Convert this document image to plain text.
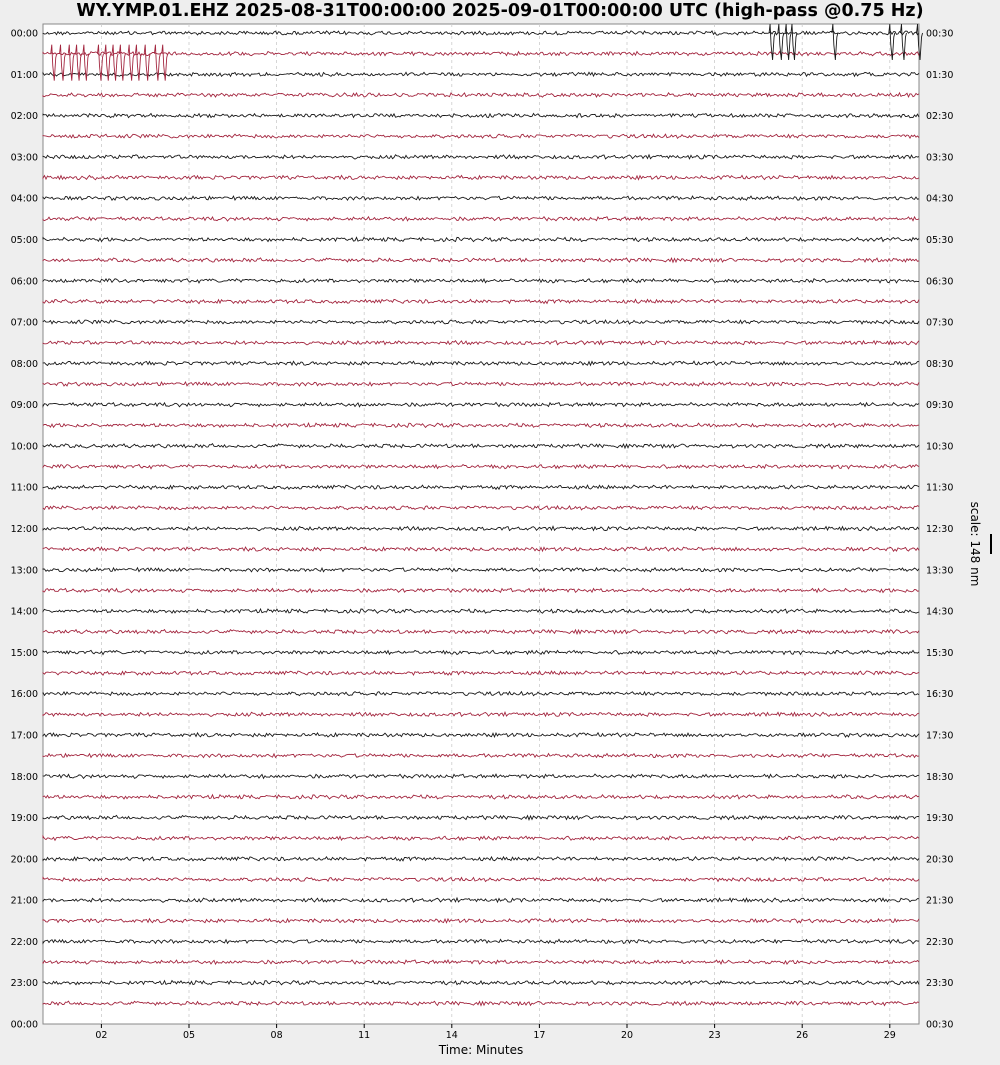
WY.YMP.01.EHZ 2025-08-31T00:00:00 2025-09-01T00:00:00 UTC (high-pass @0.75 Hz)
00:00
01:00
02:00
03:00
04:00
05:00
06:00
07:00
08:00
09:00
10:00
11:00
12:00
13:00
14:00
15:00
16:00
17:00
18:00
19:00
20:00
21:00
22:00
23:00
00:00
00:30
01:30
02:30
03:30
04:30
05:30
06:30
07:30
08:30
09:30
10:30
11:30
12:30
13:30
14:30
15:30
16:30
17:30
18:30
19:30
20:30
21:30
22:30
23:30
00:30
02	05	08	11	14	17	20	23	26	29
Time: Minutes
scale: 148 nm
